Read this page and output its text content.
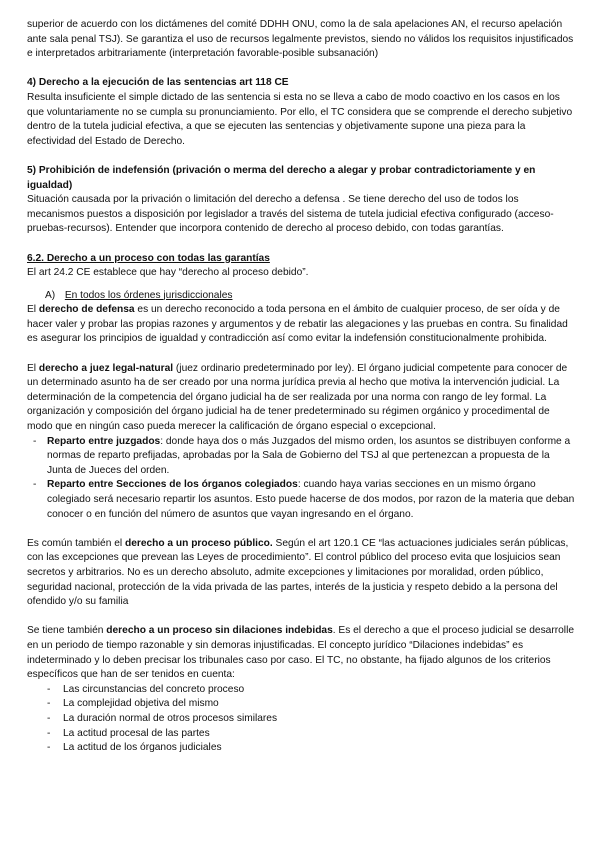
superior de acuerdo con los dictámenes del comité DDHH ONU, como la de sala apelaciones AN, el recurso apelación ante sala penal TSJ). Se garantiza el uso de recursos legalmente previstos, siendo no válidos los requisitos injustificados e interpretados arbitrariamente (interpretación favorable-posible subsanación)

4) Derecho a la ejecución de las sentencias art 118 CE

Resulta insuficiente el simple dictado de las sentencia si esta no se lleva a cabo de modo coactivo en los casos en los que voluntariamente no se cumpla su pronunciamiento. Por ello, el TC considera que se comprende el derecho subjetivo dentro de la tutela judicial efectiva, a que se ejecuten las sentencias y objetivamente supone una pieza para la efectividad del Estado de Derecho.

5) Prohibición de indefensión (privación o merma del derecho a alegar y probar contradictoriamente y en igualdad)

Situación causada por la privación o limitación del derecho a defensa . Se tiene derecho del uso de todos los mecanismos puestos a disposición por legislador a través del sistema de tutela judicial efectiva configurado (acceso-pruebas-recursos). Entender que incorpora contenido de derecho al proceso debido, con todas garantías.

6.2. Derecho a un proceso con todas las garantías

El art 24.2 CE establece que hay “derecho al proceso debido”.

A) En todos los órdenes jurisdiccionales

El derecho de defensa es un derecho reconocido a toda persona en el ámbito de cualquier proceso, de ser oída y de hacer valer y probar las propias razones y argumentos y de rebatir las alegaciones y las pruebas en contra. Su finalidad es asegurar los principios de igualdad y contradicción así como evitar la indefensión constitucionalmente prohibida.

El derecho a juez legal-natural (juez ordinario predeterminado por ley). El órgano judicial competente para conocer de un determinado asunto ha de ser creado por una norma jurídica previa al hecho que motiva la intervención judicial. La determinación de la competencia del órgano judicial ha de ser realizada por una norma con rango de ley formal. La organización y composición del órgano judicial ha de tener predeterminado su régimen orgánico y procedimental de modo que en ningún caso pueda merecer la calificación de órgano especial o excepcional.

- Reparto entre juzgados: donde haya dos o más Juzgados del mismo orden, los asuntos se distribuyen conforme a normas de reparto prefijadas, aprobadas por la Sala de Gobierno del TSJ al que pertenezcan a propuesta de la Junta de Jueces del orden.
- Reparto entre Secciones de los órganos colegiados: cuando haya varias secciones en un mismo órgano colegiado será necesario repartir los asuntos. Esto puede hacerse de dos modos, por razon de la materia que deban conocer o en función del número de asuntos que vayan ingresando en el órgano.

Es común también el derecho a un proceso público. Según el art 120.1 CE “las actuaciones judiciales serán públicas, con las excepciones que prevean las Leyes de procedimiento”. El control público del proceso evita que losjuicios sean secretos y arbitrarios. No es un derecho absoluto, admite excepciones y limitaciones por moralidad, orden público, seguridad nacional, protección de la vida privada de las partes, interés de la justicia y respeto debido a la persona del ofendido y/o su familia

Se tiene también derecho a un proceso sin dilaciones indebidas. Es el derecho a que el proceso judicial se desarrolle en un periodo de tiempo razonable y sin demoras injustificadas. El concepto jurídico “Dilaciones indebidas” es indeterminado y lo deben precisar los tribunales caso por caso. El TC, no obstante, ha fijado algunos de los criterios específicos que han de ser tenidos en cuenta:

- Las circunstancias del concreto proceso
- La complejidad objetiva del mismo
- La duración normal de otros procesos similares
- La actitud procesal de las partes
- La actitud de los órganos judiciales
